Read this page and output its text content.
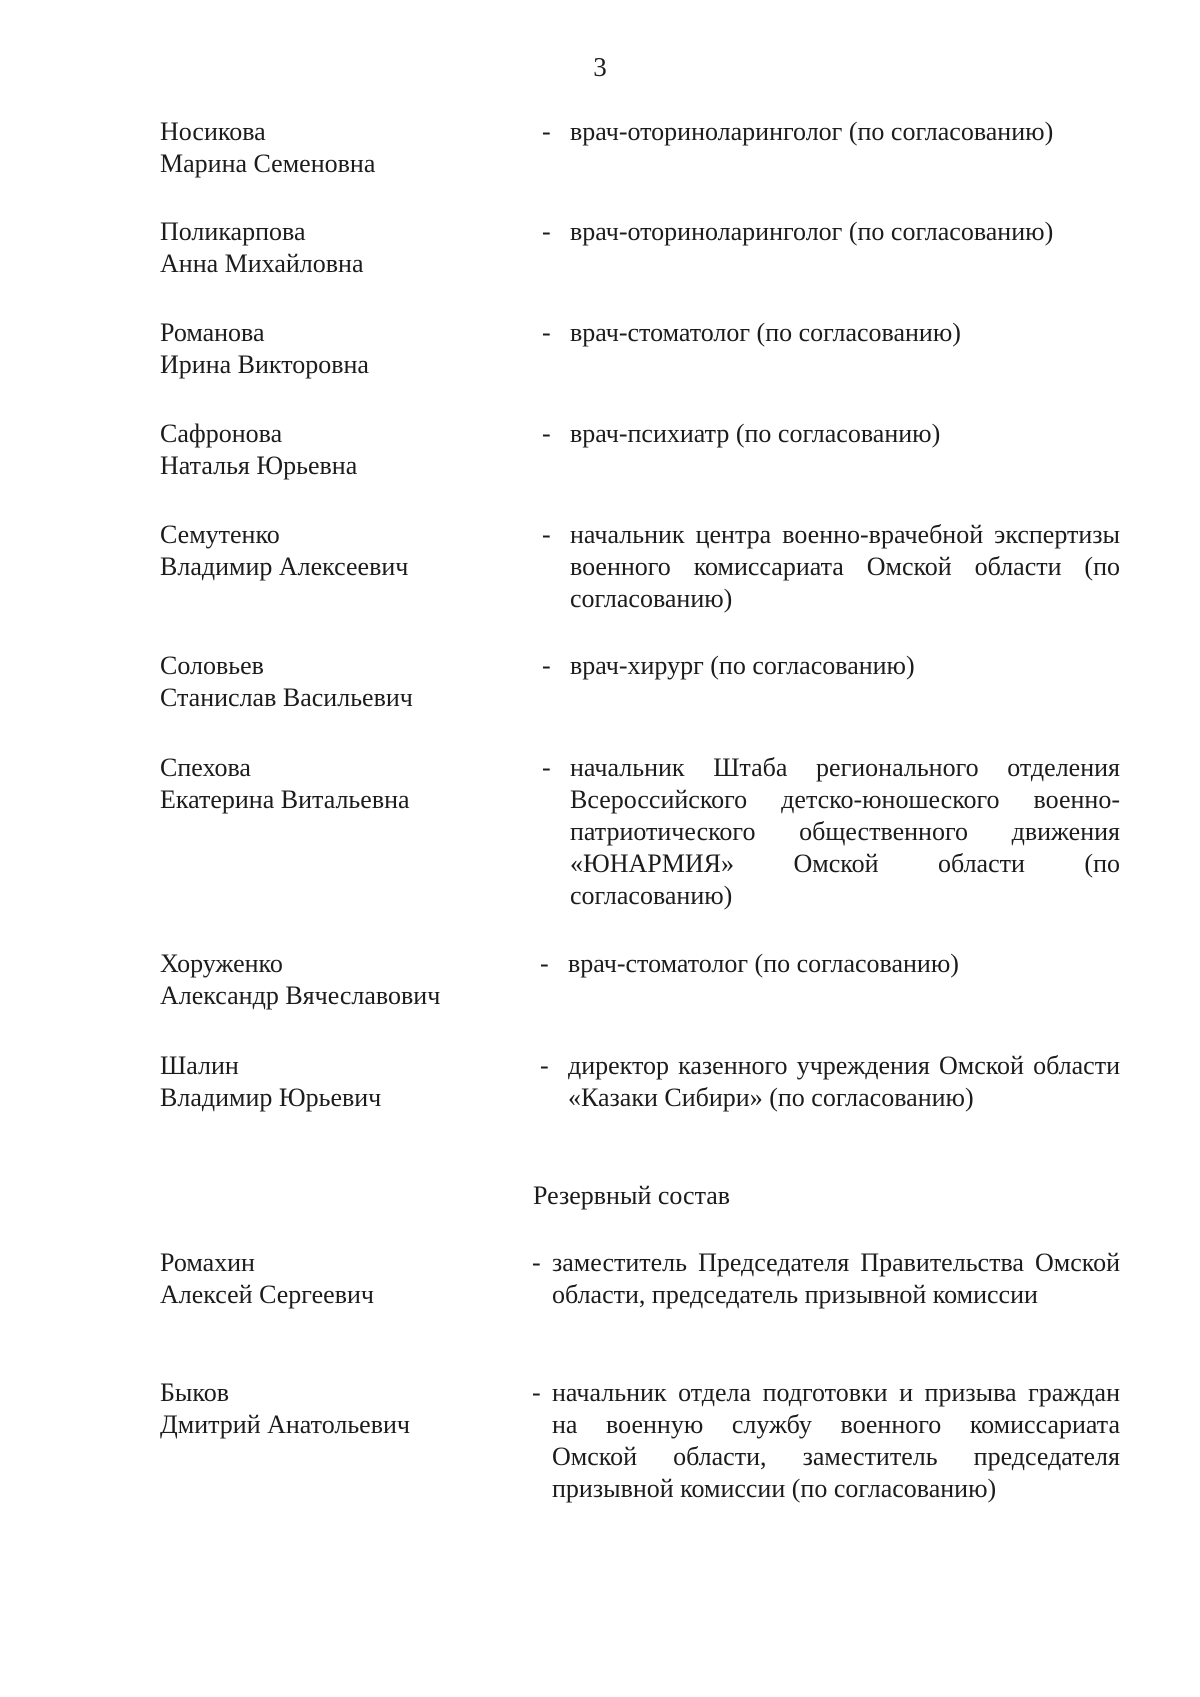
3
Носикова
Марина Семеновна
- врач-оториноларинголог (по согласованию)
Поликарпова
Анна Михайловна
- врач-оториноларинголог (по согласованию)
Романова
Ирина Викторовна
- врач-стоматолог (по согласованию)
Сафронова
Наталья Юрьевна
- врач-психиатр (по согласованию)
Семутенко
Владимир Алексеевич
- начальник центра военно-врачебной экспертизы военного комиссариата Омской области (по согласованию)
Соловьев
Станислав Васильевич
- врач-хирург (по согласованию)
Спехова
Екатерина Витальевна
- начальник Штаба регионального отделения Всероссийского детско-юношеского военно-патриотического общественного движения «ЮНАРМИЯ» Омской области (по согласованию)
Хоруженко
Александр Вячеславович
- врач-стоматолог (по согласованию)
Шалин
Владимир Юрьевич
- директор казенного учреждения Омской области «Казаки Сибири» (по согласованию)
Резервный состав
Ромахин
Алексей Сергеевич
- заместитель Председателя Правительства Омской области, председатель призывной комиссии
Быков
Дмитрий Анатольевич
- начальник отдела подготовки и призыва граждан на военную службу военного комиссариата Омской области, заместитель председателя призывной комиссии (по согласованию)
